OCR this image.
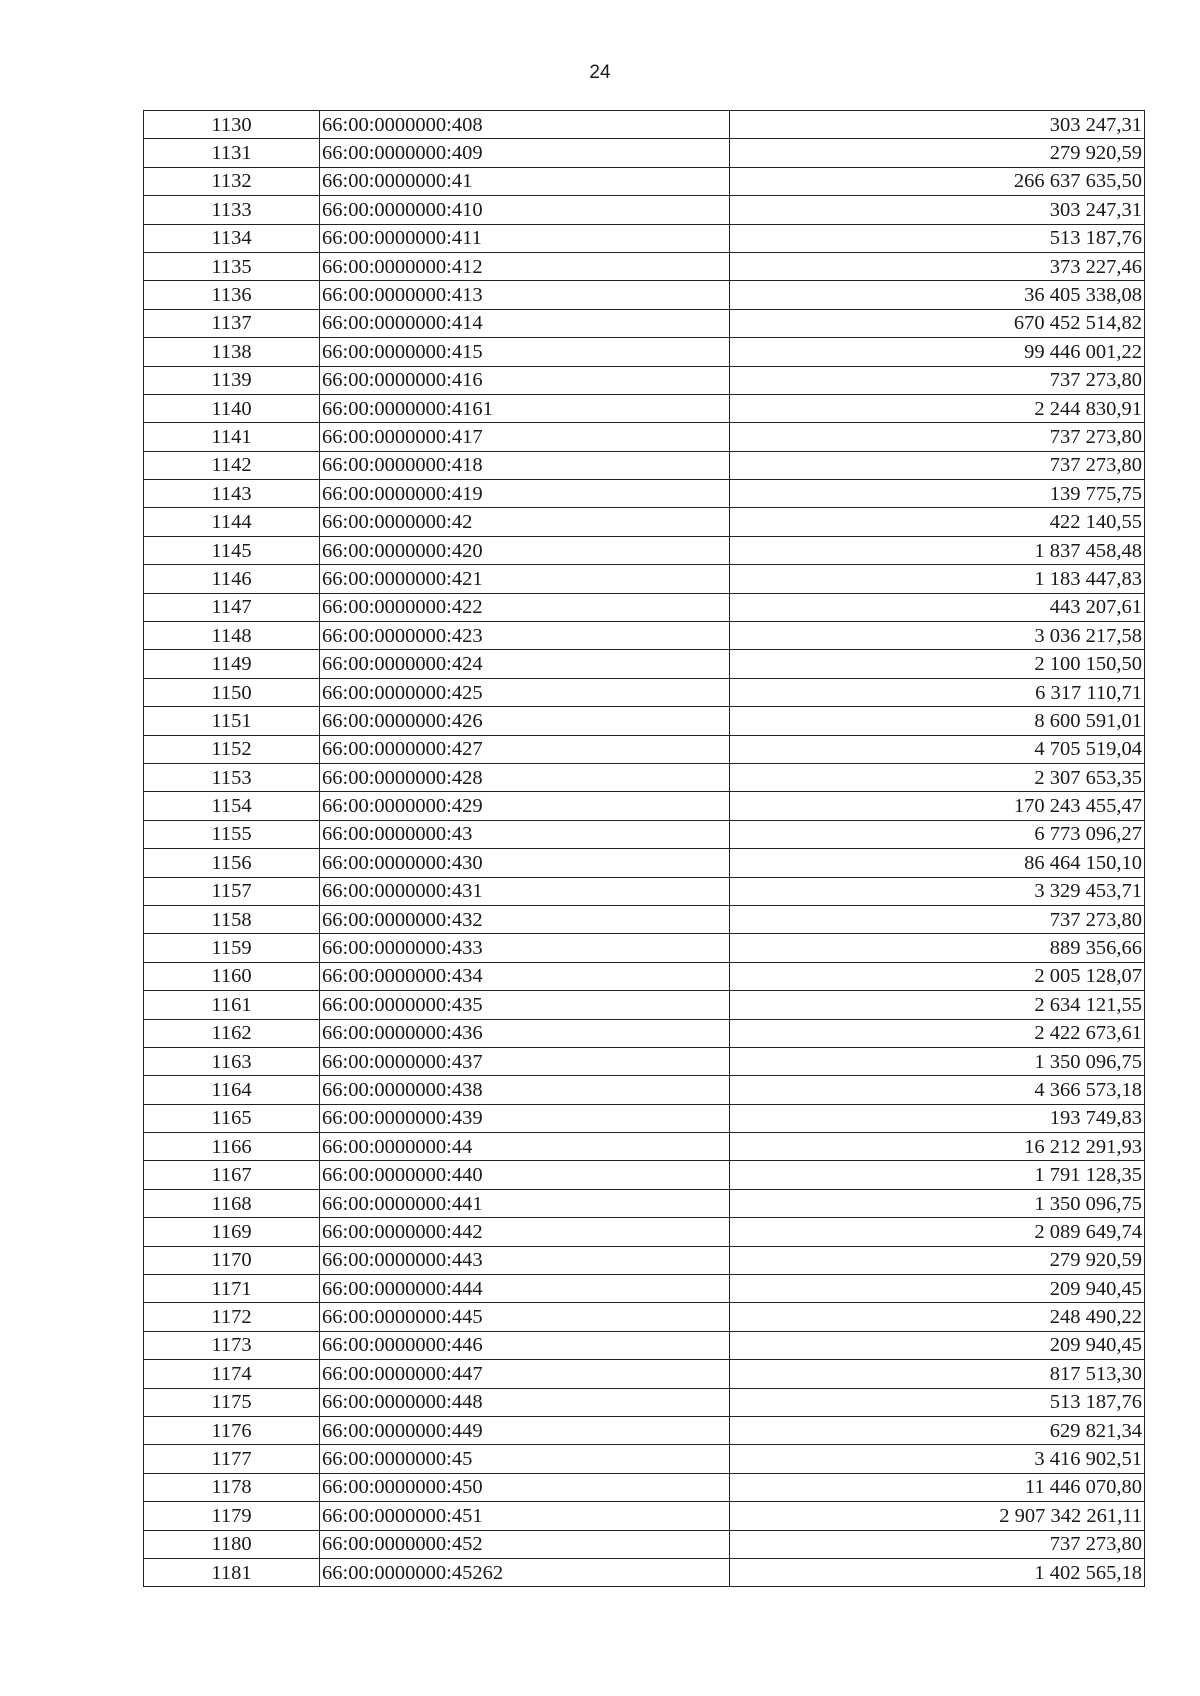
24
1130	66:00:0000000:408	303 247,31
1131	66:00:0000000:409	279 920,59
1132	66:00:0000000:41	266 637 635,50
1133	66:00:0000000:410	303 247,31
1134	66:00:0000000:411	513 187,76
1135	66:00:0000000:412	373 227,46
1136	66:00:0000000:413	36 405 338,08
1137	66:00:0000000:414	670 452 514,82
1138	66:00:0000000:415	99 446 001,22
1139	66:00:0000000:416	737 273,80
1140	66:00:0000000:4161	2 244 830,91
1141	66:00:0000000:417	737 273,80
1142	66:00:0000000:418	737 273,80
1143	66:00:0000000:419	139 775,75
1144	66:00:0000000:42	422 140,55
1145	66:00:0000000:420	1 837 458,48
1146	66:00:0000000:421	1 183 447,83
1147	66:00:0000000:422	443 207,61
1148	66:00:0000000:423	3 036 217,58
1149	66:00:0000000:424	2 100 150,50
1150	66:00:0000000:425	6 317 110,71
1151	66:00:0000000:426	8 600 591,01
1152	66:00:0000000:427	4 705 519,04
1153	66:00:0000000:428	2 307 653,35
1154	66:00:0000000:429	170 243 455,47
1155	66:00:0000000:43	6 773 096,27
1156	66:00:0000000:430	86 464 150,10
1157	66:00:0000000:431	3 329 453,71
1158	66:00:0000000:432	737 273,80
1159	66:00:0000000:433	889 356,66
1160	66:00:0000000:434	2 005 128,07
1161	66:00:0000000:435	2 634 121,55
1162	66:00:0000000:436	2 422 673,61
1163	66:00:0000000:437	1 350 096,75
1164	66:00:0000000:438	4 366 573,18
1165	66:00:0000000:439	193 749,83
1166	66:00:0000000:44	16 212 291,93
1167	66:00:0000000:440	1 791 128,35
1168	66:00:0000000:441	1 350 096,75
1169	66:00:0000000:442	2 089 649,74
1170	66:00:0000000:443	279 920,59
1171	66:00:0000000:444	209 940,45
1172	66:00:0000000:445	248 490,22
1173	66:00:0000000:446	209 940,45
1174	66:00:0000000:447	817 513,30
1175	66:00:0000000:448	513 187,76
1176	66:00:0000000:449	629 821,34
1177	66:00:0000000:45	3 416 902,51
1178	66:00:0000000:450	11 446 070,80
1179	66:00:0000000:451	2 907 342 261,11
1180	66:00:0000000:452	737 273,80
1181	66:00:0000000:45262	1 402 565,18
